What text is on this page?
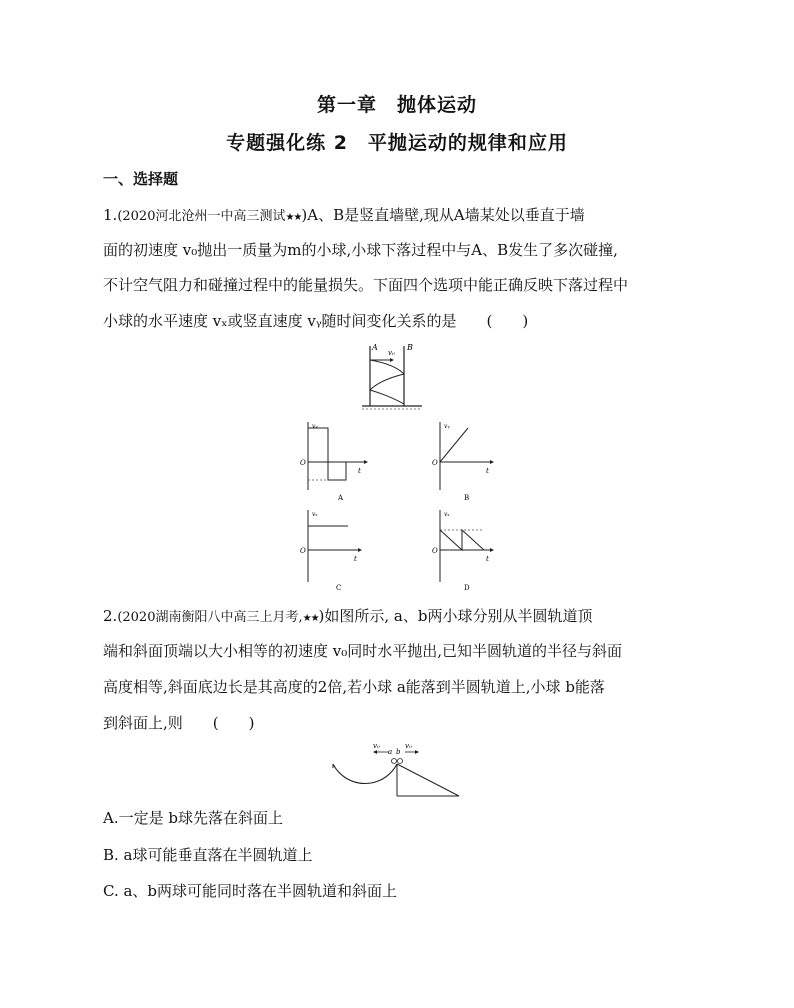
第一章　抛体运动
专题强化练 2　平抛运动的规律和应用
一、选择题
1.(2020河北沧州一中高三测试★★)A、B是竖直墙壁,现从A墙某处以垂直于墙
面的初速度 v₀抛出一质量为m的小球,小球下落过程中与A、B发生了多次碰撞,
不计空气阻力和碰撞过程中的能量损失。下面四个选项中能正确反映下落过程中
小球的水平速度 vₓ或竖直速度 vᵧ随时间变化关系的是　　(　　)
A
v₀
B
vᵧ
O
t
A
vᵧ
O
t
B
vₓ
O
t
C
vₓ
O
t
D
2.(2020湖南衡阳八中高三上月考,★★)如图所示, a、b两小球分别从半圆轨道顶
端和斜面顶端以大小相等的初速度 v₀同时水平抛出,已知半圆轨道的半径与斜面
高度相等,斜面底边长是其高度的2倍,若小球 a能落到半圆轨道上,小球 b能落
到斜面上,则　　(　　)
v₀
a b
v₀
A.一定是 b球先落在斜面上
B. a球可能垂直落在半圆轨道上
C. a、b两球可能同时落在半圆轨道和斜面上
